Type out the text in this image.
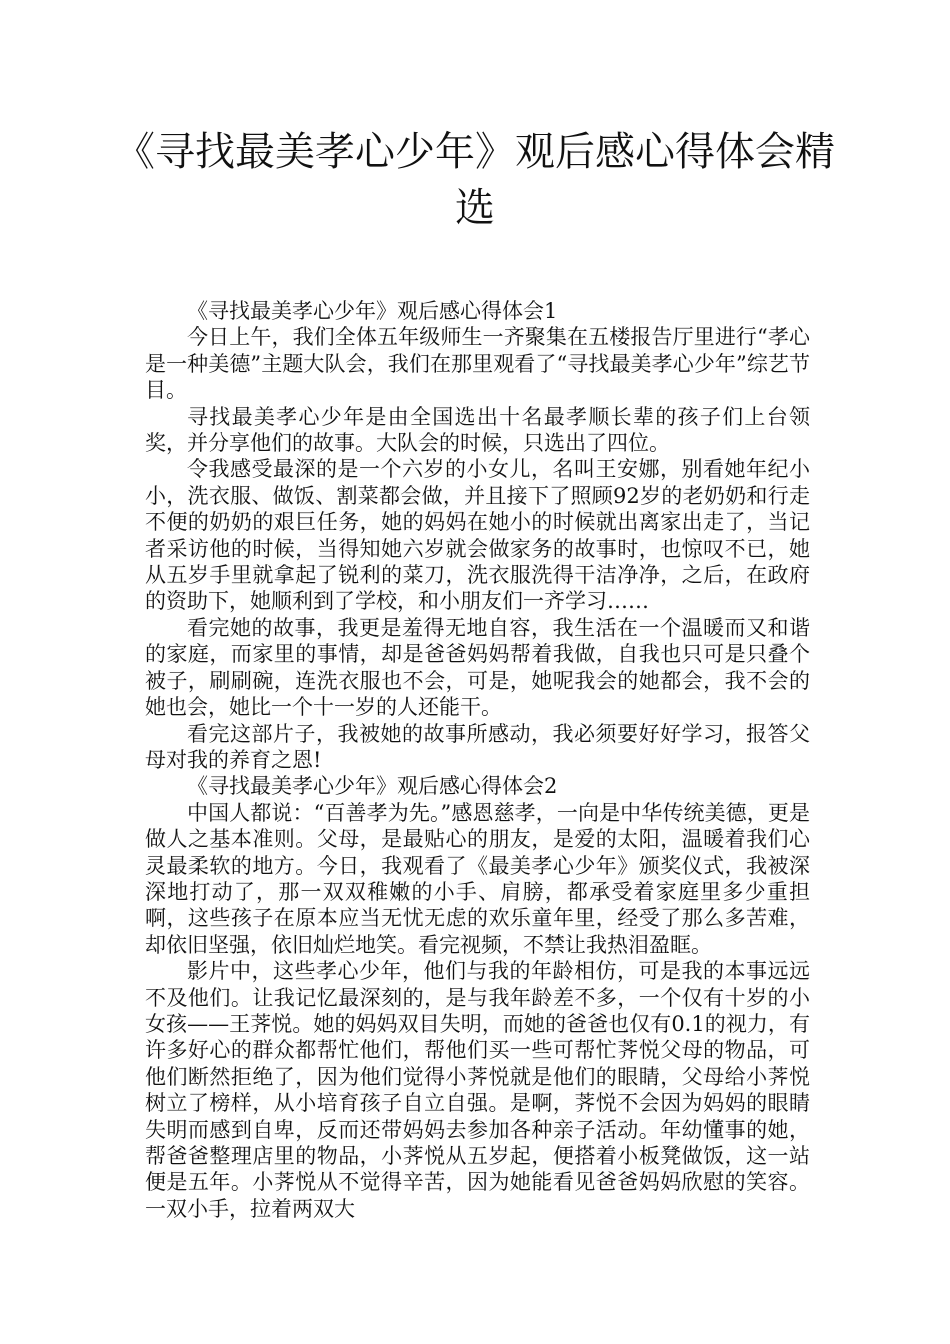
《寻找最美孝心少年》观后感心得体会精选

《寻找最美孝心少年》观后感心得体会1

今日上午，我们全体五年级师生一齐聚集在五楼报告厅里进行“孝心是一种美德”主题大队会，我们在那里观看了“寻找最美孝心少年”综艺节目。

寻找最美孝心少年是由全国选出十名最孝顺长辈的孩子们上台领奖，并分享他们的故事。大队会的时候，只选出了四位。

令我感受最深的是一个六岁的小女儿，名叫王安娜，别看她年纪小小，洗衣服、做饭、割菜都会做，并且接下了照顾92岁的老奶奶和行走不便的奶奶的艰巨任务，她的妈妈在她小的时候就出离家出走了，当记者采访他的时候，当得知她六岁就会做家务的故事时，也惊叹不已，她从五岁手里就拿起了锐利的菜刀，洗衣服洗得干洁净净，之后，在政府的资助下，她顺利到了学校，和小朋友们一齐学习……

看完她的故事，我更是羞得无地自容，我生活在一个温暖而又和谐的家庭，而家里的事情，却是爸爸妈妈帮着我做，自我也只可是只叠个被子，刷刷碗，连洗衣服也不会，可是，她呢我会的她都会，我不会的她也会，她比一个十一岁的人还能干。

看完这部片子，我被她的故事所感动，我必须要好好学习，报答父母对我的养育之恩!

《寻找最美孝心少年》观后感心得体会2

中国人都说：“百善孝为先。”感恩慈孝，一向是中华传统美德，更是做人之基本准则。父母，是最贴心的朋友，是爱的太阳，温暖着我们心灵最柔软的地方。今日，我观看了《最美孝心少年》颁奖仪式，我被深深地打动了，那一双双稚嫩的小手、肩膀，都承受着家庭里多少重担啊，这些孩子在原本应当无忧无虑的欢乐童年里，经受了那么多苦难，却依旧坚强，依旧灿烂地笑。看完视频，不禁让我热泪盈眶。

影片中，这些孝心少年，他们与我的年龄相仿，可是我的本事远远不及他们。让我记忆最深刻的，是与我年龄差不多，一个仅有十岁的小女孩——王荠悦。她的妈妈双目失明，而她的爸爸也仅有0.1的视力，有许多好心的群众都帮忙他们，帮他们买一些可帮忙荠悦父母的物品，可他们断然拒绝了，因为他们觉得小荠悦就是他们的眼睛，父母给小荠悦树立了榜样，从小培育孩子自立自强。是啊，荠悦不会因为妈妈的眼睛失明而感到自卑，反而还带妈妈去参加各种亲子活动。年幼懂事的她，帮爸爸整理店里的物品，小荠悦从五岁起，便搭着小板凳做饭，这一站便是五年。小荠悦从不觉得辛苦，因为她能看见爸爸妈妈欣慰的笑容。一双小手，拉着两双大
